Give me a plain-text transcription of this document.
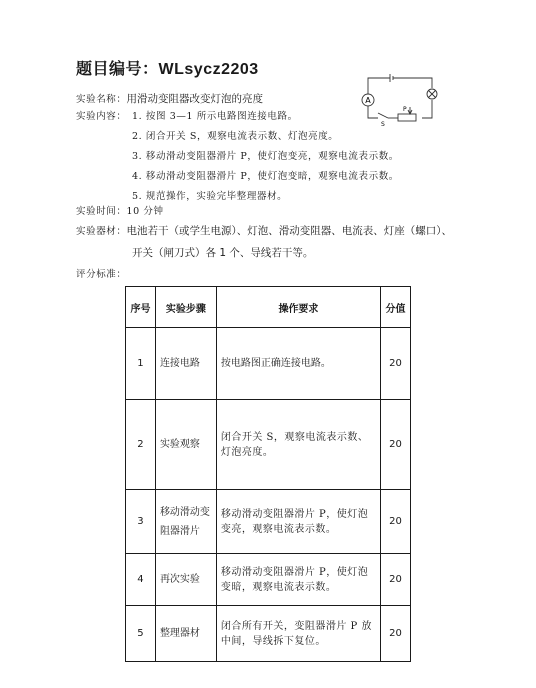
题目编号：WLsycz2203
A
P
S
实验名称：用滑动变阻器改变灯泡的亮度
实验内容： 1. 按图 3—1 所示电路图连接电路。
2. 闭合开关 S，观察电流表示数、灯泡亮度。
3. 移动滑动变阻器滑片 P，使灯泡变亮，观察电流表示数。
4. 移动滑动变阻器滑片 P，使灯泡变暗，观察电流表示数。
5. 规范操作，实验完毕整理器材。
实验时间：10 分钟
实验器材：电池若干（或学生电源）、灯泡、滑动变阻器、电流表、灯座（螺口）、
开关（闸刀式）各 1 个、导线若干等。
评分标准：
序号	实验步骤	操作要求	分值
1	连接电路	按电路图正确连接电路。	20
2	实验观察	闭合开关 S，观察电流表示数、灯泡亮度。	20
3	移动滑动变阻器滑片	移动滑动变阻器滑片 P，使灯泡变亮，观察电流表示数。	20
4	再次实验	移动滑动变阻器滑片 P，使灯泡变暗，观察电流表示数。	20
5	整理器材	闭合所有开关，变阻器滑片 P 放中间，导线拆下复位。	20
